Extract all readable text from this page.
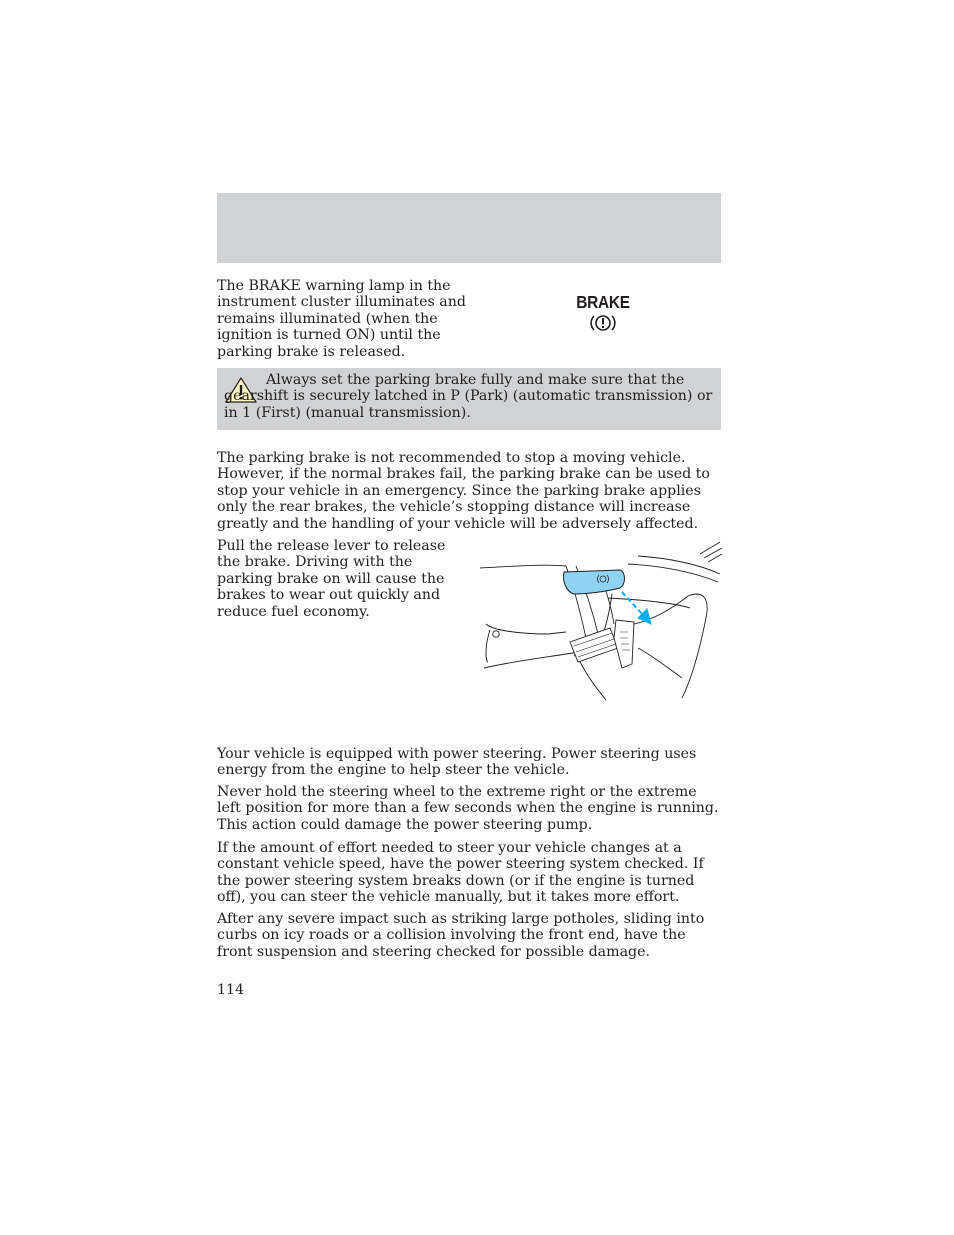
The BRAKE warning lamp in the instrument cluster illuminates and remains illuminated (when the ignition is turned ON) until the parking brake is released.

BRAKE

Always set the parking brake fully and make sure that the gearshift is securely latched in P (Park) (automatic transmission) or in 1 (First) (manual transmission).

The parking brake is not recommended to stop a moving vehicle. However, if the normal brakes fail, the parking brake can be used to stop your vehicle in an emergency. Since the parking brake applies only the rear brakes, the vehicle’s stopping distance will increase greatly and the handling of your vehicle will be adversely affected.

Pull the release lever to release the brake. Driving with the parking brake on will cause the brakes to wear out quickly and reduce fuel economy.

Your vehicle is equipped with power steering. Power steering uses energy from the engine to help steer the vehicle.

Never hold the steering wheel to the extreme right or the extreme left position for more than a few seconds when the engine is running. This action could damage the power steering pump.

If the amount of effort needed to steer your vehicle changes at a constant vehicle speed, have the power steering system checked. If the power steering system breaks down (or if the engine is turned off), you can steer the vehicle manually, but it takes more effort.

After any severe impact such as striking large potholes, sliding into curbs on icy roads or a collision involving the front end, have the front suspension and steering checked for possible damage.

114
